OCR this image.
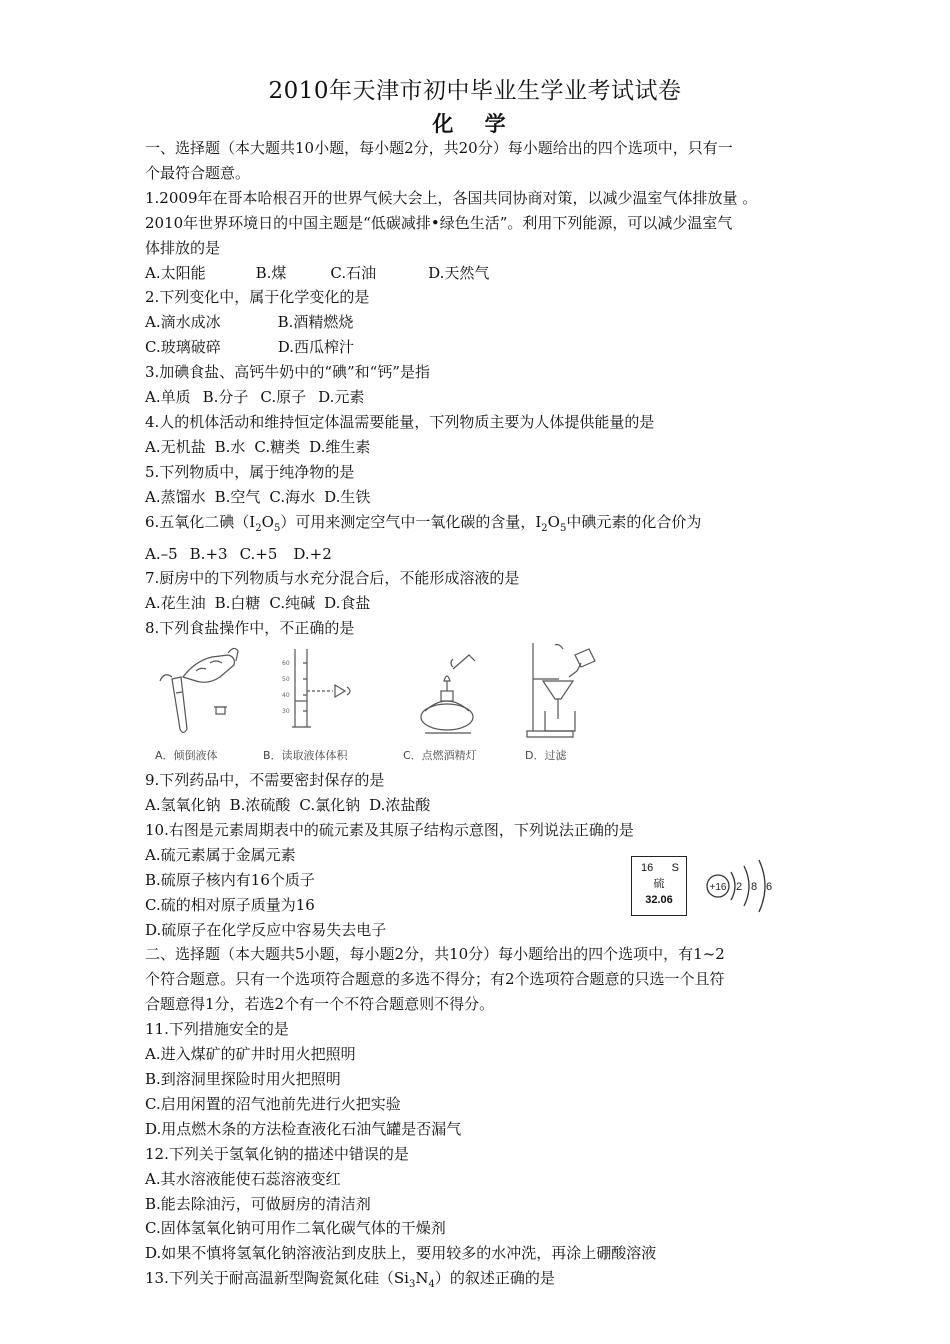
2010年天津市初中毕业生学业考试试卷
化 学

一、选择题（本大题共10小题，每小题2分，共20分）每小题给出的四个选项中，只有一

个最符合题意。

1.2009年在哥本哈根召开的世界气候大会上，各国共同协商对策，以减少温室气体排放量 。

2010年世界环境日的中国主题是“低碳减排•绿色生活”。利用下列能源，可以减少温室气

体排放的是

A.太阳能	B.煤	C.石油	D.天然气

2.下列变化中，属于化学变化的是

A.滴水成冰	B.酒精燃烧

C.玻璃破碎	D.西瓜榨汁

3.加碘食盐、高钙牛奶中的“碘”和“钙”是指

A.单质 B.分子 C.原子 D.元素

4.人的机体活动和维持恒定体温需要能量，下列物质主要为人体提供能量的是

A.无机盐 B.水 C.糖类 D.维生素

5.下列物质中，属于纯净物的是

A.蒸馏水 B.空气 C.海水 D.生铁

6.五氧化二碘$(I_2O_5)$可用来测定空气中一氧化碳的含量，$I_2O_5$中碘元素的化合价为

A.–5 B.+3 C.+5 D.+2

7.厨房中的下列物质与水充分混合后，不能形成溶液的是

A.花生油 B.白糖 C.纯碱 D.食盐

8.下列食盐操作中，不正确的是

60
50
40
30
A．倾倒液体	B．读取液体体积	C．点燃酒精灯	D．过滤

9.下列药品中，不需要密封保存的是

A.氢氧化钠 B.浓硫酸 C.氯化钠 D.浓盐酸

10.右图是元素周期表中的硫元素及其原子结构示意图，下列说法正确的是

A.硫元素属于金属元素

B.硫原子核内有16个质子

C.硫的相对原子质量为16

D.硫原子在化学反应中容易失去电子

16 S
硫
32.06
+16 2 8 6

二、选择题（本大题共5小题，每小题2分，共10分）每小题给出的四个选项中，有1~2

个符合题意。只有一个选项符合题意的多选不得分；有2个选项符合题意的只选一个且符

合题意得1分，若选2个有一个不符合题意则不得分。

11.下列措施安全的是

A.进入煤矿的矿井时用火把照明

B.到溶洞里探险时用火把照明

C.启用闲置的沼气池前先进行火把实验

D.用点燃木条的方法检查液化石油气罐是否漏气

12.下列关于氢氧化钠的描述中错误的是

A.其水溶液能使石蕊溶液变红

B.能去除油污，可做厨房的清洁剂

C.固体氢氧化钠可用作二氧化碳气体的干燥剂

D.如果不慎将氢氧化钠溶液沾到皮肤上，要用较多的水冲洗，再涂上硼酸溶液

13.下列关于耐高温新型陶瓷氮化硅$(Si_3N_4)$的叙述正确的是
